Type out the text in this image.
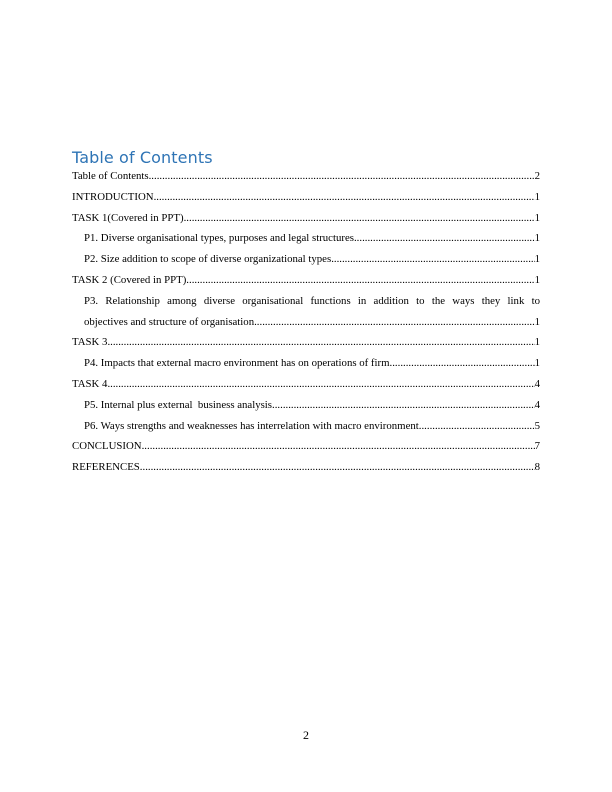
Table of Contents
Table of Contents .....	2
INTRODUCTION .....	1
TASK 1(Covered in PPT) .....	1
P1. Diverse organisational types, purposes and legal structures .....	1
P2. Size addition to scope of diverse organizational types .....	1
TASK 2 (Covered in PPT) .....	1
P3. Relationship among diverse organisational functions in addition to the ways they link to
objectives and structure of organisation .....	1
TASK 3 .....	1
P4. Impacts that external macro environment has on operations of firm .....	1
TASK 4 .....	4
P5. Internal plus external  business analysis .....	4
P6. Ways strengths and weaknesses has interrelation with macro environment .....	5
CONCLUSION .....	7
REFERENCES .....	8
2
